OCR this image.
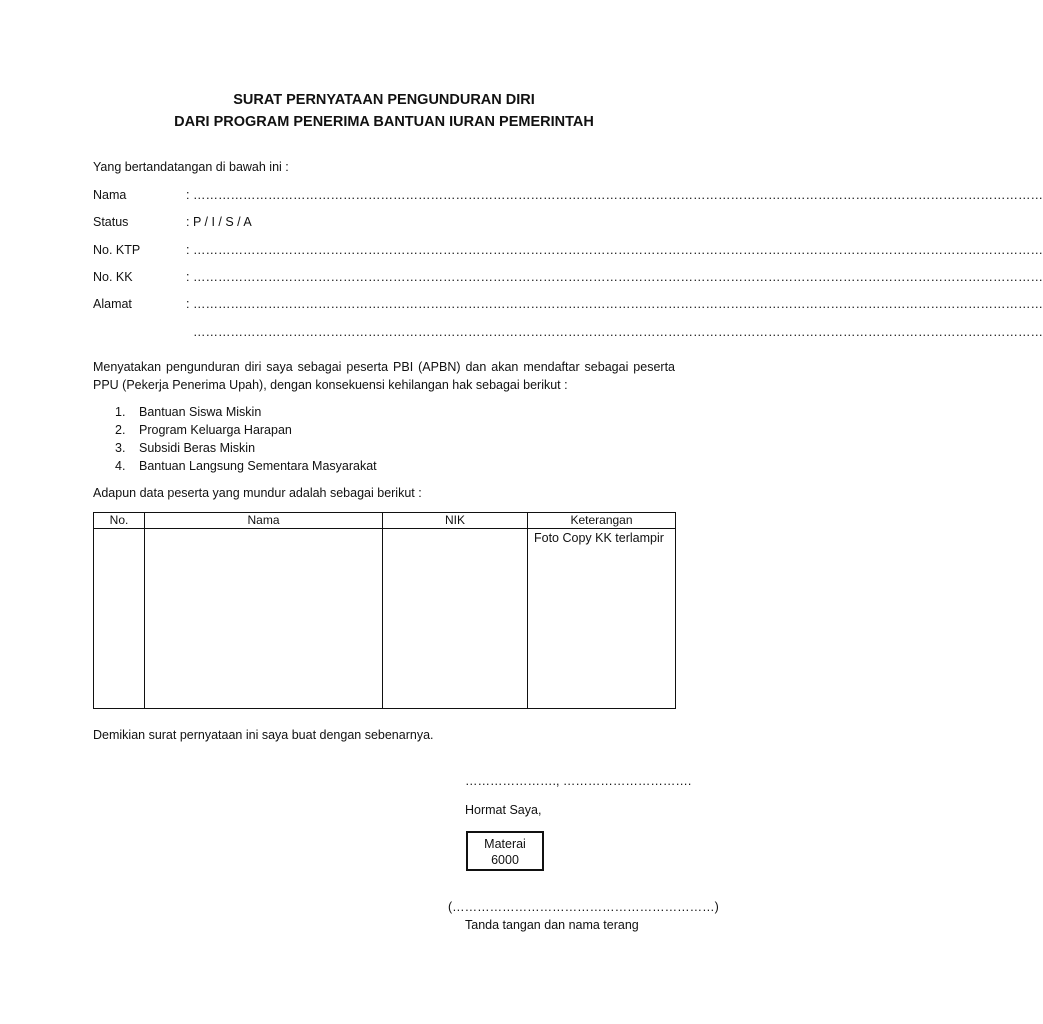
SURAT PERNYATAAN PENGUNDURAN DIRI
DARI PROGRAM PENERIMA BANTUAN IURAN PEMERINTAH
Yang bertandatangan di bawah ini :
Nama	: ……………………………………………………………………………………………………………………………………………………………………………………
Status	: P / I / S / A
No. KTP	: ……………………………………………………………………………………………………………………………………………………………………………………
No. KK	: ……………………………………………………………………………………………………………………………………………………………………………………
Alamat	: ……………………………………………………………………………………………………………………………………………………………………………………
……………………………………………………………………………………………………………………………………………………………………………………
Menyatakan pengunduran diri saya sebagai peserta PBI (APBN) dan akan mendaftar sebagai peserta PPU (Pekerja Penerima Upah), dengan konsekuensi kehilangan hak sebagai berikut :
1. Bantuan Siswa Miskin
2. Program Keluarga Harapan
3. Subsidi Beras Miskin
4. Bantuan Langsung Sementara Masyarakat
Adapun data peserta yang mundur adalah sebagai berikut :
No.	Nama	NIK	Keterangan
			Foto Copy KK terlampir
Demikian surat pernyataan ini saya buat dengan sebenarnya.
…………………., ………………………….
Hormat Saya,
Materai
6000
(………………………………………………………)
Tanda tangan dan nama terang
